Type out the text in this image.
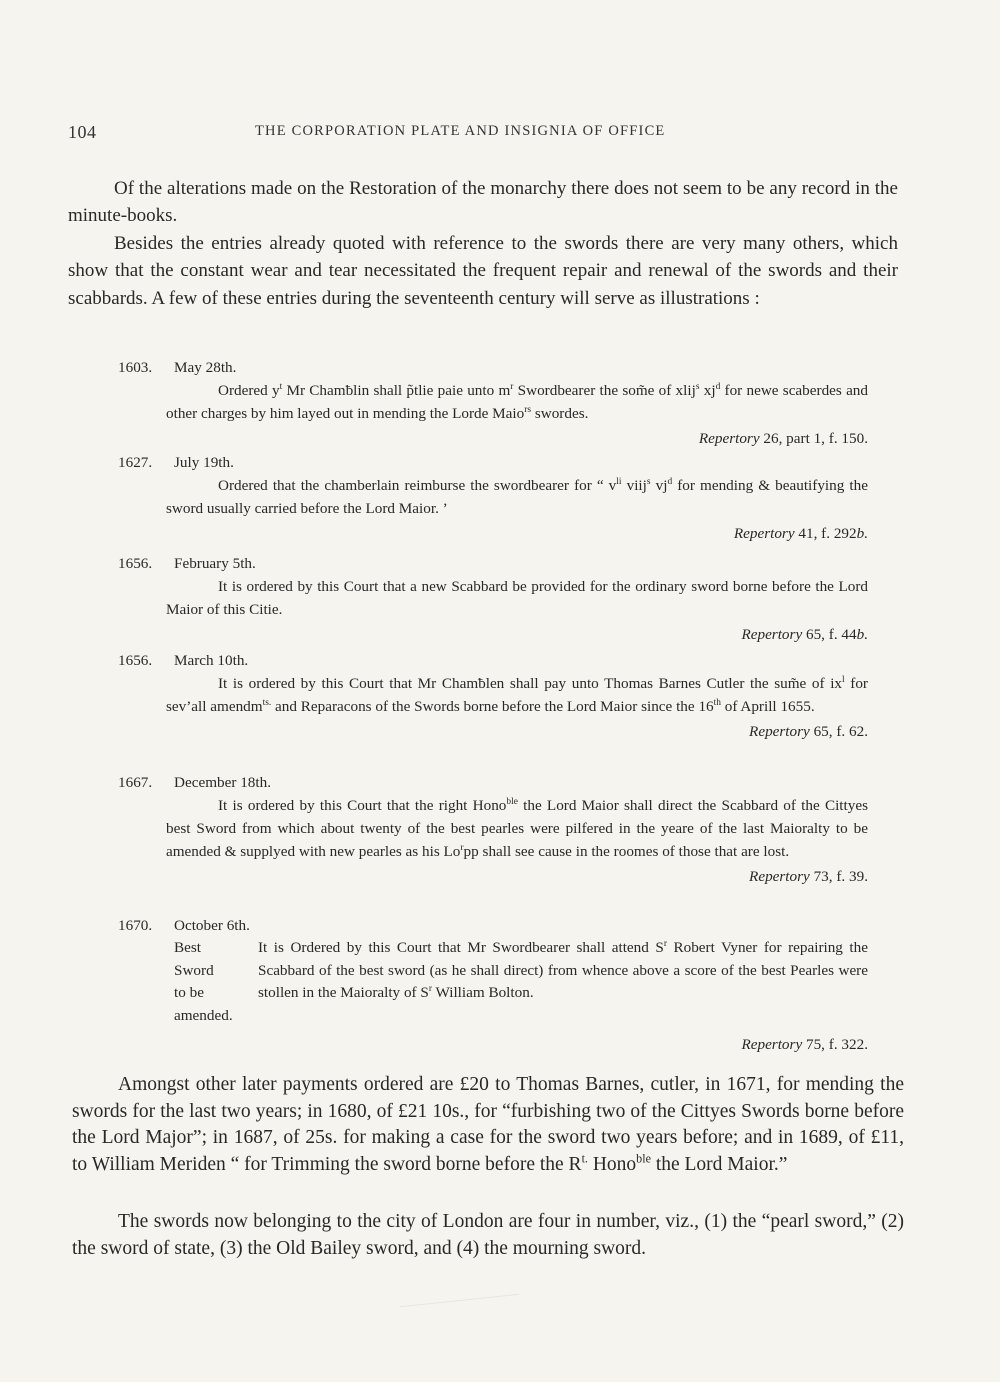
104	THE CORPORATION PLATE AND INSIGNIA OF OFFICE

Of the alterations made on the Restoration of the monarchy there does not seem to be any record in the minute-books.

Besides the entries already quoted with reference to the swords there are very many others, which show that the constant wear and tear necessitated the frequent repair and renewal of the swords and their scabbards. A few of these entries during the seventeenth century will serve as illustrations :

1603. May 28th.
Ordered $y^t$ Mr Chamƀlin shall p̃tlie paie unto $m^r$ Swordbearer the som̃e of xlij$^s$ $xj^d$ for newe scaberdes and other charges by him layed out in mending the Lorde Maio$^{rs}$ swordes.
Repertory 26, part 1, f. 150.
1627. July 19th.
Ordered that the chamberlain reimburse the swordbearer for “ $v^{li}$ viij$^s$ $vj^d$ for mending & beautifying the sword usually carried before the Lord Maior. ’
Repertory 41, f. 292b.
1656. February 5th.
It is ordered by this Court that a new Scabbard be provided for the ordinary sword borne before the Lord Maior of this Citie.
Repertory 65, f. 44b.
1656. March 10th.
It is ordered by this Court that Mr Chamƀlen shall pay unto Thomas Barnes Cutler the sum̃e of $ix^l$ for sev’all amendm$^{ts.}$ and Reparacons of the Swords borne before the Lord Maior since the 16th of Aprill 1655.
Repertory 65, f. 62.
1667. December 18th.
It is ordered by this Court that the right Hono$^{ble}$ the Lord Maior shall direct the Scabbard of the Cittyes best Sword from which about twenty of the best pearles were pilfered in the yeare of the last Maioralty to be amended & supplyed with new pearles as his Lo$^r$pp shall see cause in the roomes of those that are lost.
Repertory 73, f. 39.
1670. October 6th.
Best
Sword
to be
amended.
It is Ordered by this Court that Mr Swordbearer shall attend $S^r$ Robert Vyner for repairing the Scabbard of the best sword (as he shall direct) from whence above a score of the best Pearles were stollen in the Maioralty of $S^r$ William Bolton.
Repertory 75, f. 322.

Amongst other later payments ordered are £20 to Thomas Barnes, cutler, in 1671, for mending the swords for the last two years; in 1680, of £21 10s., for “furbishing two of the Cittyes Swords borne before the Lord Major”; in 1687, of 25s. for making a case for the sword two years before; and in 1689, of £11, to William Meriden “ for Trimming the sword borne before the $R^{t.}$ Hono$^{ble}$ the Lord Maior.”

The swords now belonging to the city of London are four in number, viz., (1) the “pearl sword,” (2) the sword of state, (3) the Old Bailey sword, and (4) the mourning sword.
